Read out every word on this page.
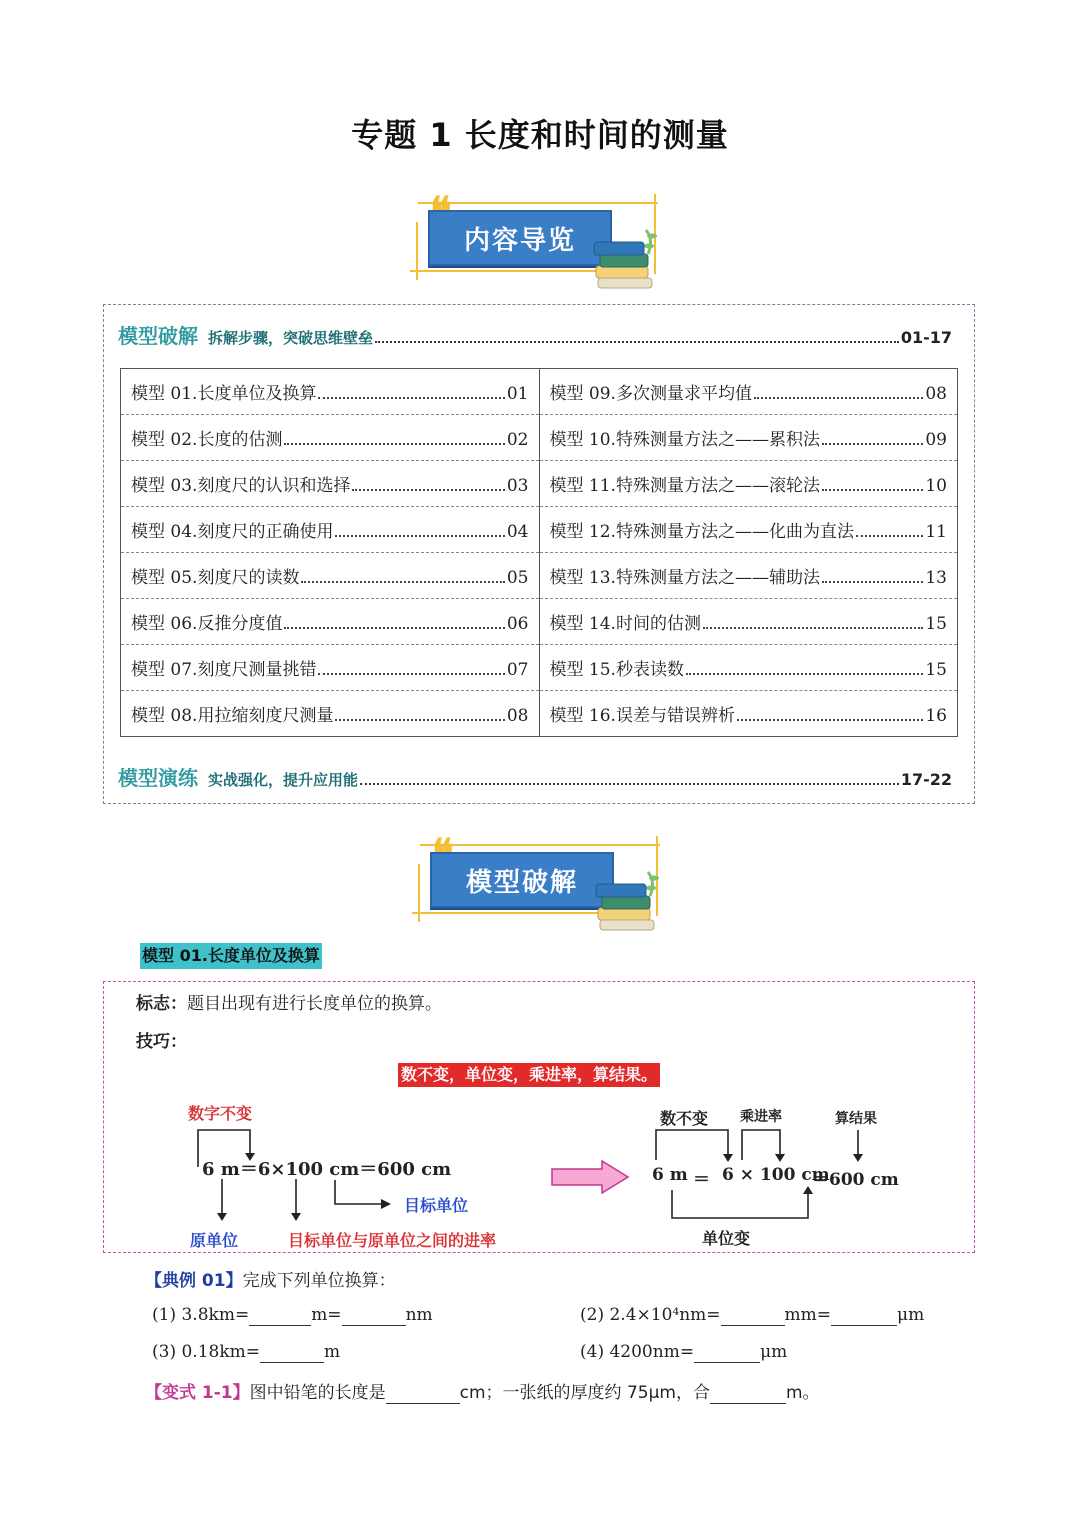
专题 1 长度和时间的测量
内容导览
模型破解 拆解步骤，突破思维壁垒	01-17
模型 01.长度单位及换算 01	模型 09.多次测量求平均值 08

模型 02.长度的估测 02	模型 10.特殊测量方法之——累积法 09

模型 03.刻度尺的认识和选择 03	模型 11.特殊测量方法之——滚轮法 10

模型 04.刻度尺的正确使用 04	模型 12.特殊测量方法之——化曲为直法 11

模型 05.刻度尺的读数 05	模型 13.特殊测量方法之——辅助法 13

模型 06.反推分度值 06	模型 14.时间的估测 15

模型 07.刻度尺测量挑错 07	模型 15.秒表读数 15

模型 08.用拉缩刻度尺测量 08	模型 16.误差与错误辨析 16
模型演练 实战强化，提升应用能	17-22
模型破解
模型 01.长度单位及换算
标志：题目出现有进行长度单位的换算。
技巧：
数不变，单位变，乘进率，算结果。
数字不变
6 m＝6×100 cm＝600 cm
目标单位
原单位	目标单位与原单位之间的进率
数不变 乘进率	算结果
6 m ＝ 6 × 100 cm
＝600 cm
单位变
【典例 01】完成下列单位换算：
(1) 3.8km=	m=	nm	(2) 2.4×10⁴nm=	mm=	μm
(3) 0.18km=	m	(4) 4200nm=	μm
【变式 1-1】图中铅笔的长度是	cm；一张纸的厚度约 75μm，合	m。
